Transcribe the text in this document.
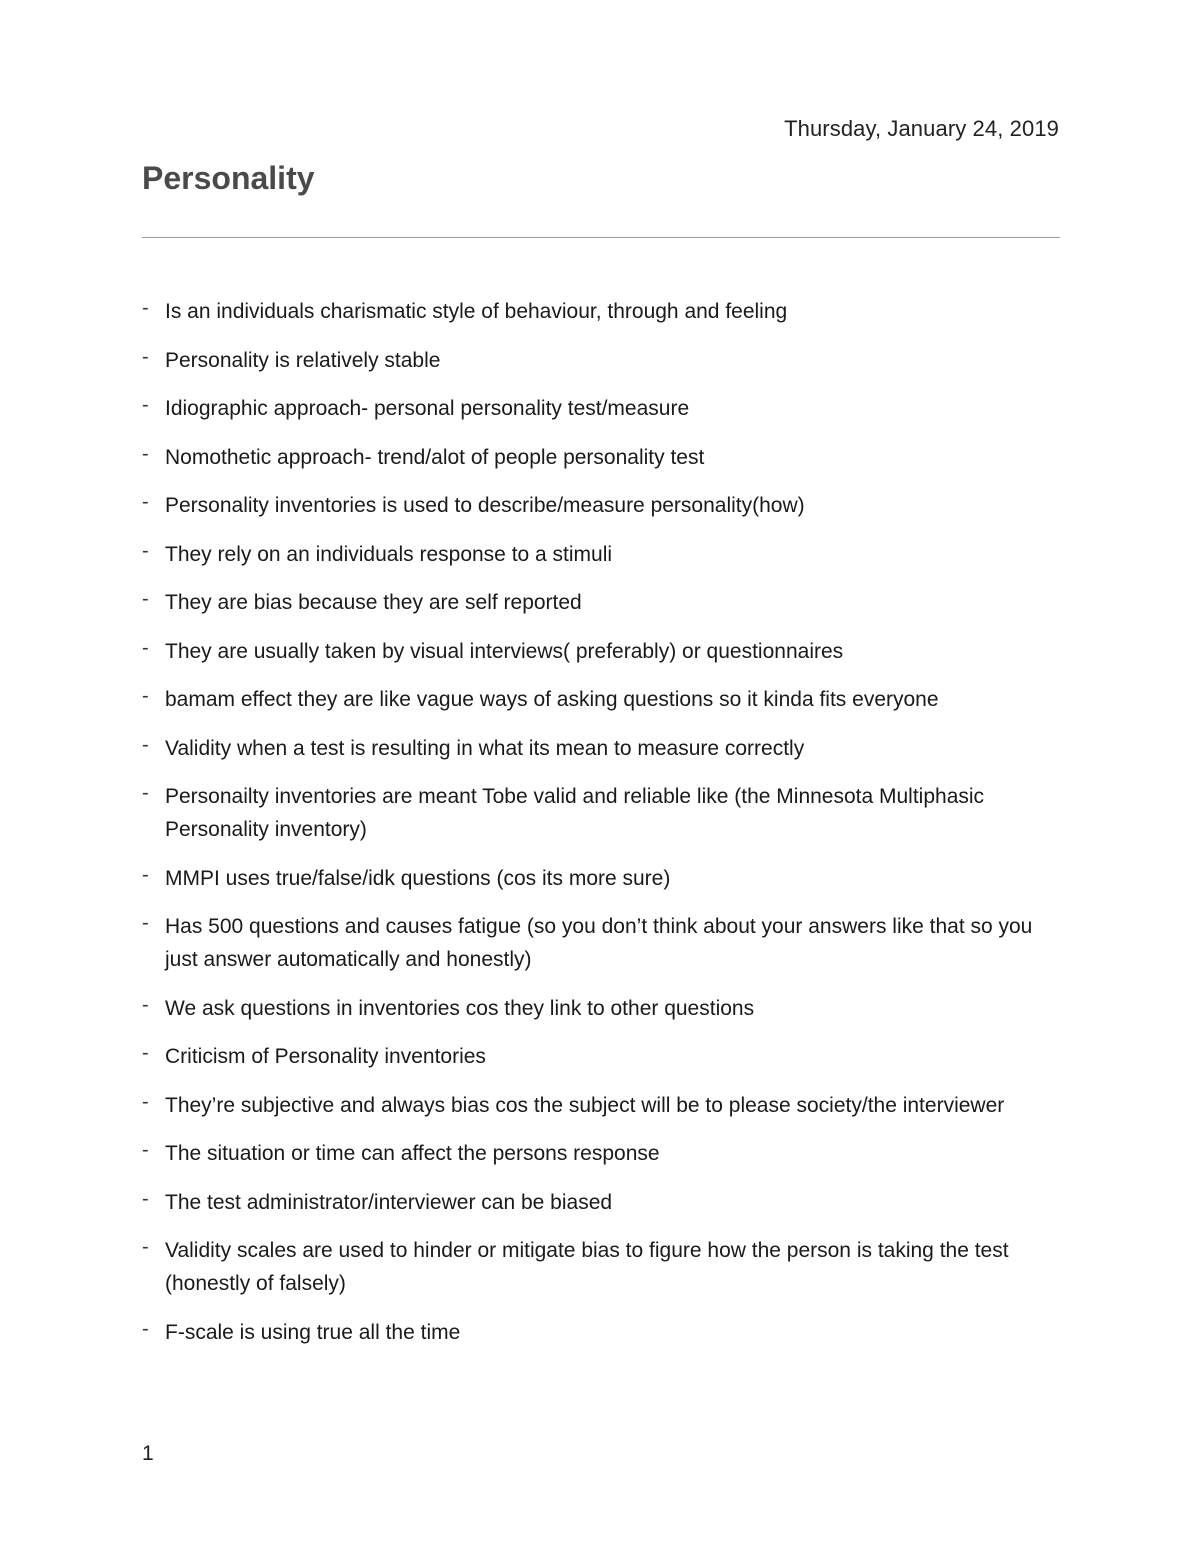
Thursday, January 24, 2019
Personality
- Is an individuals charismatic style of behaviour, through and feeling
- Personality is relatively stable
- Idiographic approach- personal personality test/measure
- Nomothetic approach- trend/alot of people personality test
- Personality inventories is used to describe/measure personality(how)
- They rely on an individuals response to a stimuli
- They are bias because they are self reported
- They are usually taken by visual interviews( preferably) or questionnaires
- bamam effect they are like vague ways of asking questions so it kinda fits everyone
- Validity when a test is resulting in what its mean to measure correctly
- Personailty inventories are meant Tobe valid and reliable like (the Minnesota Multiphasic Personality inventory)
- MMPI uses true/false/idk questions (cos its more sure)
- Has 500 questions and causes fatigue (so you don’t think about your answers like that so you just answer automatically and honestly)
- We ask questions in inventories cos they link to other questions
- Criticism of Personality inventories
- They’re subjective and always bias cos the subject will be to please society/the interviewer
- The situation or time can affect the persons response
- The test administrator/interviewer can be biased
- Validity scales are used to hinder or mitigate bias to figure how the person is taking the test (honestly of falsely)
- F-scale is using true all the time
1
